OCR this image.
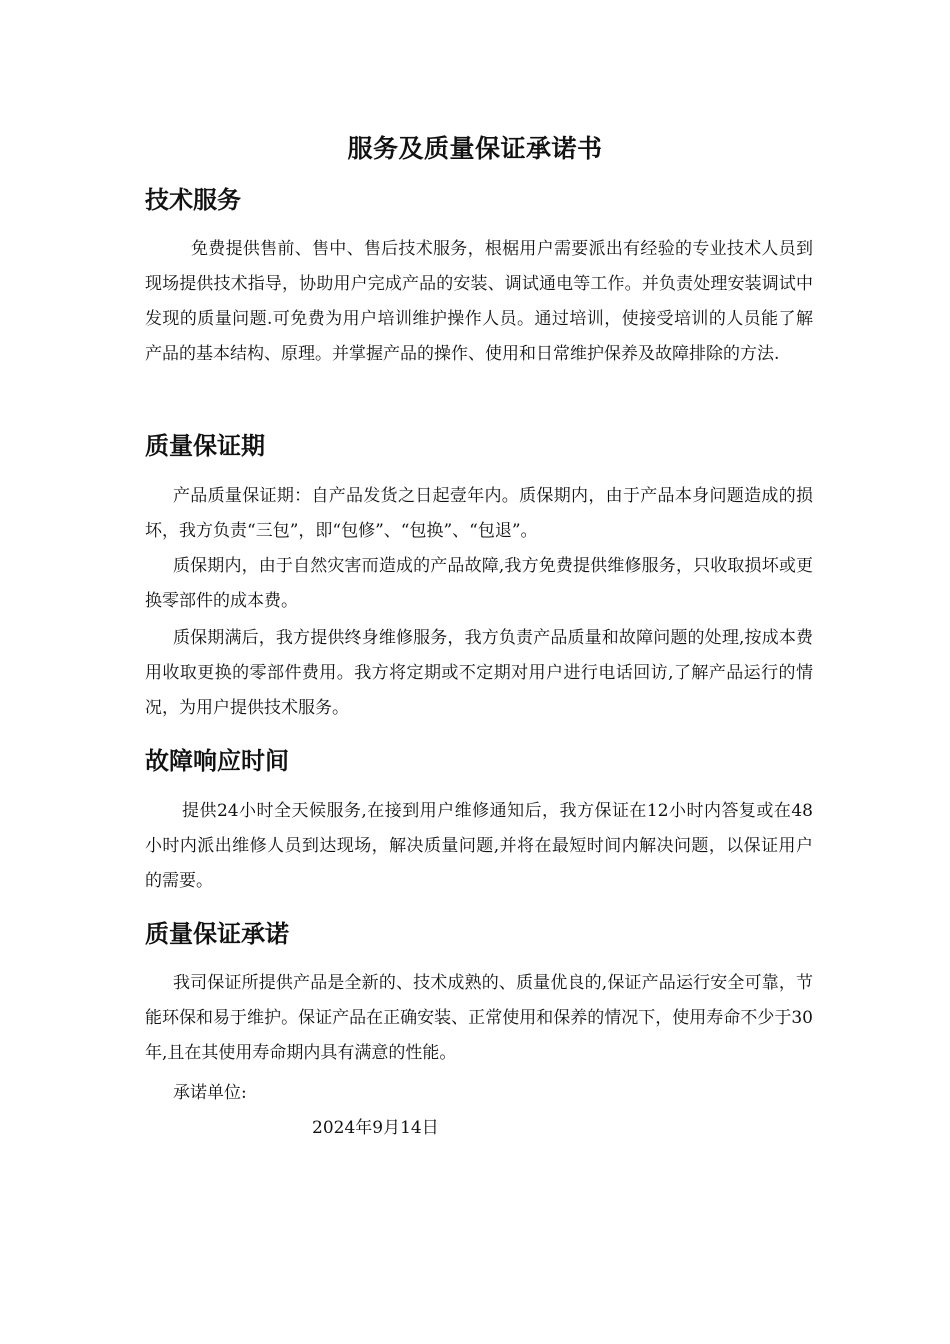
服务及质量保证承诺书
技术服务

免费提供售前、售中、售后技术服务，根椐用户需要派出有经验的专业技术人员到现场提供技术指导，协助用户完成产品的安装、调试通电等工作。并负责处理安装调试中发现的质量问题.可免费为用户培训维护操作人员。通过培训，使接受培训的人员能了解产品的基本结构、原理。并掌握产品的操作、使用和日常维护保养及故障排除的方法.

质量保证期

产品质量保证期：自产品发货之日起壹年内。质保期内，由于产品本身问题造成的损坏，我方负责“三包”，即“包修”、“包换”、“包退”。

质保期内，由于自然灾害而造成的产品故障,我方免费提供维修服务，只收取损坏或更换零部件的成本费。

质保期满后，我方提供终身维修服务，我方负责产品质量和故障问题的处理,按成本费用收取更换的零部件费用。我方将定期或不定期对用户进行电话回访,了解产品运行的情况，为用户提供技术服务。

故障响应时间

提供24小时全天候服务,在接到用户维修通知后，我方保证在12小时内答复或在48小时内派出维修人员到达现场，解决质量问题,并将在最短时间内解决问题，以保证用户的需要。

质量保证承诺

我司保证所提供产品是全新的、技术成熟的、质量优良的,保证产品运行安全可靠，节能环保和易于维护。保证产品在正确安装、正常使用和保养的情况下，使用寿命不少于30年,且在其使用寿命期内具有满意的性能。

承诺单位:
2024年9月14日
